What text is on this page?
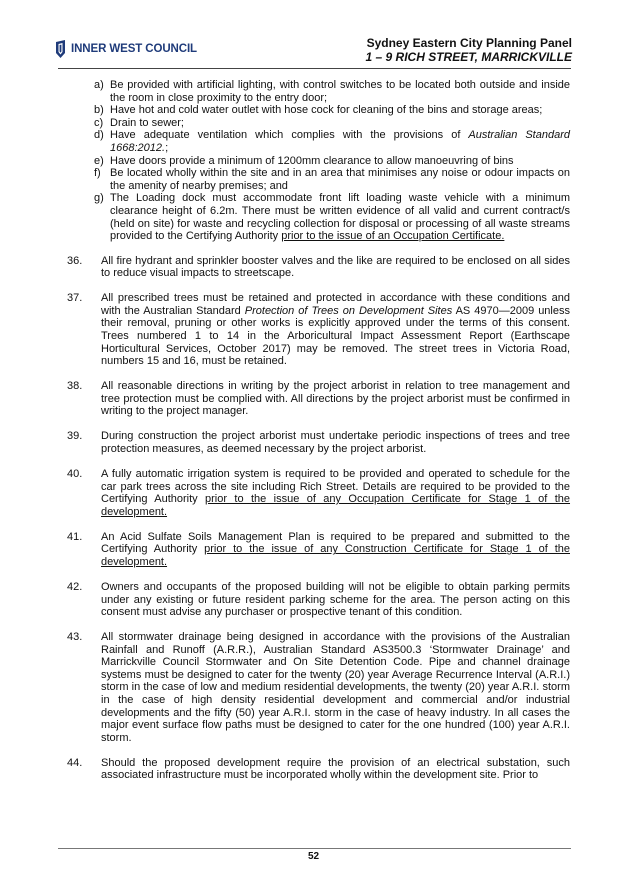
INNER WEST COUNCIL	Sydney Eastern City Planning Panel
1 – 9 RICH STREET, MARRICKVILLE
a) Be provided with artificial lighting, with control switches to be located both outside and inside the room in close proximity to the entry door;
b) Have hot and cold water outlet with hose cock for cleaning of the bins and storage areas;
c) Drain to sewer;
d) Have adequate ventilation which complies with the provisions of Australian Standard 1668:2012.;
e) Have doors provide a minimum of 1200mm clearance to allow manoeuvring of bins
f) Be located wholly within the site and in an area that minimises any noise or odour impacts on the amenity of nearby premises; and
g) The Loading dock must accommodate front lift loading waste vehicle with a minimum clearance height of 6.2m. There must be written evidence of all valid and current contract/s (held on site) for waste and recycling collection for disposal or processing of all waste streams provided to the Certifying Authority prior to the issue of an Occupation Certificate.
36.	All fire hydrant and sprinkler booster valves and the like are required to be enclosed on all sides to reduce visual impacts to streetscape.
37.	All prescribed trees must be retained and protected in accordance with these conditions and with the Australian Standard Protection of Trees on Development Sites AS 4970—2009 unless their removal, pruning or other works is explicitly approved under the terms of this consent. Trees numbered 1 to 14 in the Arboricultural Impact Assessment Report (Earthscape Horticultural Services, October 2017) may be removed. The street trees in Victoria Road, numbers 15 and 16, must be retained.
38.	All reasonable directions in writing by the project arborist in relation to tree management and tree protection must be complied with. All directions by the project arborist must be confirmed in writing to the project manager.
39.	During construction the project arborist must undertake periodic inspections of trees and tree protection measures, as deemed necessary by the project arborist.
40.	A fully automatic irrigation system is required to be provided and operated to schedule for the car park trees across the site including Rich Street. Details are required to be provided to the Certifying Authority prior to the issue of any Occupation Certificate for Stage 1 of the development.
41.	An Acid Sulfate Soils Management Plan is required to be prepared and submitted to the Certifying Authority prior to the issue of any Construction Certificate for Stage 1 of the development.
42.	Owners and occupants of the proposed building will not be eligible to obtain parking permits under any existing or future resident parking scheme for the area. The person acting on this consent must advise any purchaser or prospective tenant of this condition.
43.	All stormwater drainage being designed in accordance with the provisions of the Australian Rainfall and Runoff (A.R.R.), Australian Standard AS3500.3 ‘Stormwater Drainage’ and Marrickville Council Stormwater and On Site Detention Code. Pipe and channel drainage systems must be designed to cater for the twenty (20) year Average Recurrence Interval (A.R.I.) storm in the case of low and medium residential developments, the twenty (20) year A.R.I. storm in the case of high density residential development and commercial and/or industrial developments and the fifty (50) year A.R.I. storm in the case of heavy industry. In all cases the major event surface flow paths must be designed to cater for the one hundred (100) year A.R.I. storm.
44.	Should the proposed development require the provision of an electrical substation, such associated infrastructure must be incorporated wholly within the development site. Prior to
52
